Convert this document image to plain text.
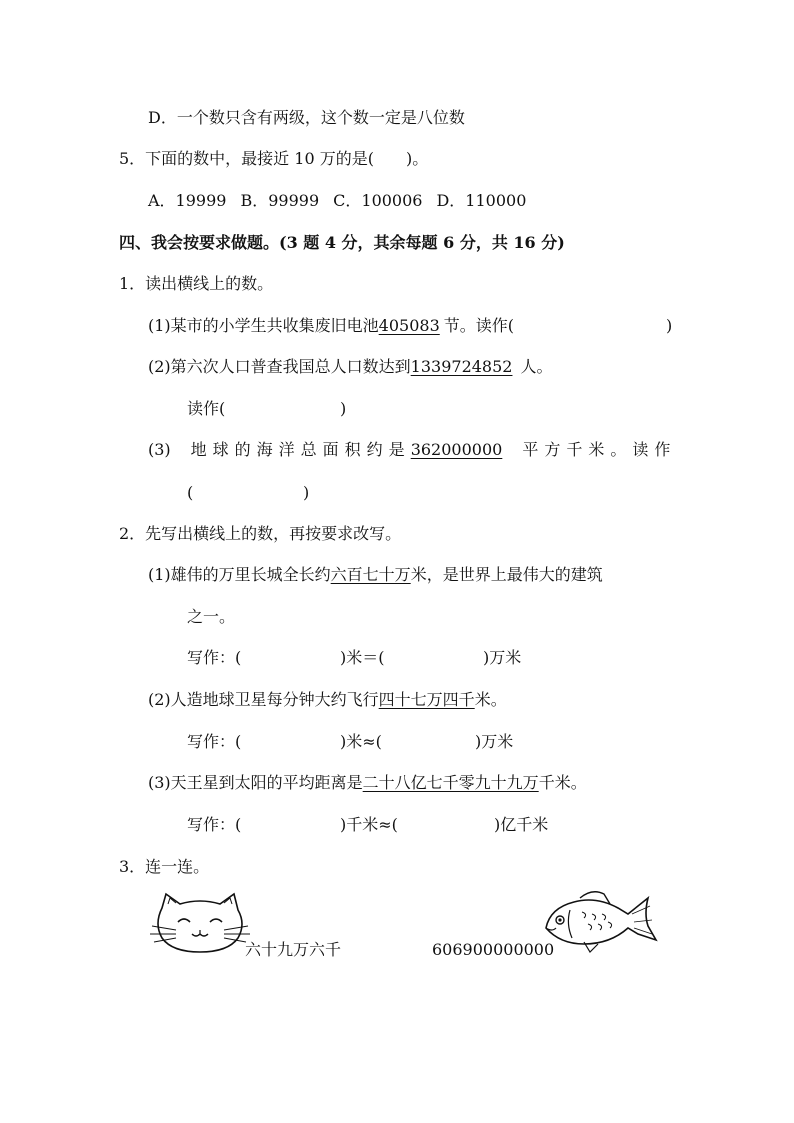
D．一个数只含有两级，这个数一定是八位数
5．下面的数中，最接近 10 万的是(　　)。
A．19999 B．99999 C．100006 D．110000
四、我会按要求做题。(3 题 4 分，其余每题 6 分，共 16 分)
1．读出横线上的数。
(1)某市的小学生共收集废旧电池405083 节。读作(	)
(2)第六次人口普查我国总人口数达到1339724852 人。
读作(	)
(3) 地球的海洋总面积约是362000000 平方千米。读作
(	)
2．先写出横线上的数，再按要求改写。
(1)雄伟的万里长城全长约六百七十万米，是世界上最伟大的建筑
之一。
写作：(	)米＝(	)万米
(2)人造地球卫星每分钟大约飞行四十七万四千米。
写作：(	)米≈(	)万米
(3)天王星到太阳的平均距离是二十八亿七千零九十九万千米。
写作：(	)千米≈(	)亿千米
3．连一连。
六十九万六千	606900000000
